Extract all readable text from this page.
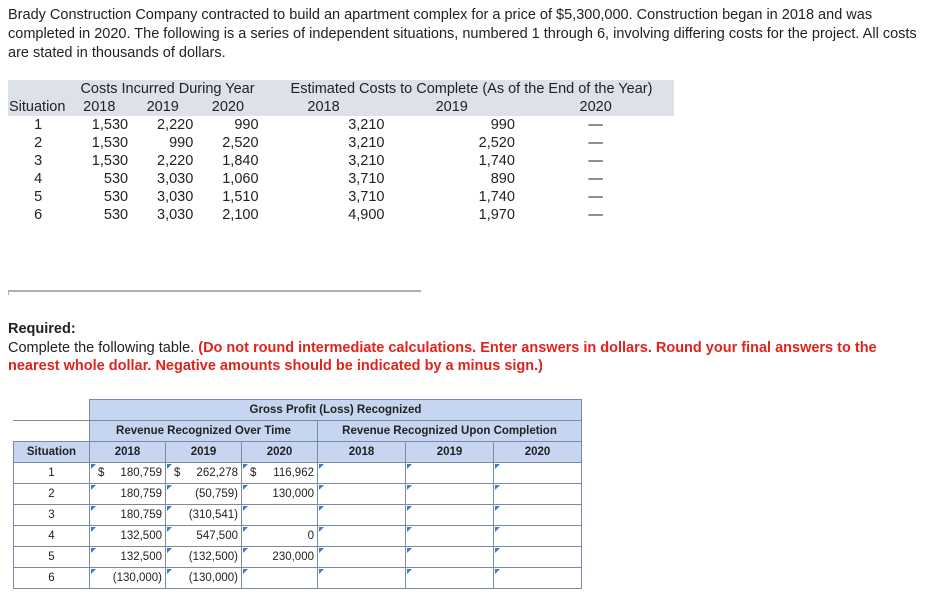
Brady Construction Company contracted to build an apartment complex for a price of $5,300,000. Construction began in 2018 and was completed in 2020. The following is a series of independent situations, numbered 1 through 6, involving differing costs for the project. All costs are stated in thousands of dollars.
	Costs Incurred During Year			Estimated Costs to Complete (As of the End of the Year)		
Situation	2018	2019	2020	2018	2019	2020
1	1,530	2,220	990	3,210	990	—
2	1,530	990	2,520	3,210	2,520	—
3	1,530	2,220	1,840	3,210	1,740	—
4	530	3,030	1,060	3,710	890	—
5	530	3,030	1,510	3,710	1,740	—
6	530	3,030	2,100	4,900	1,970	—
Required:
Complete the following table. (Do not round intermediate calculations. Enter answers in dollars. Round your final answers to the nearest whole dollar. Negative amounts should be indicated by a minus sign.)
	Gross Profit (Loss) Recognized					
	Revenue Recognized Over Time			Revenue Recognized Upon Completion		
Situation	2018	2019	2020	2018	2019	2020
1	$ 180,759	$ 262,278	$ 116,962			
2	180,759	(50,759)	130,000			
3	180,759	(310,541)				
4	132,500	547,500	0			
5	132,500	(132,500)	230,000			
6	(130,000)	(130,000)				
